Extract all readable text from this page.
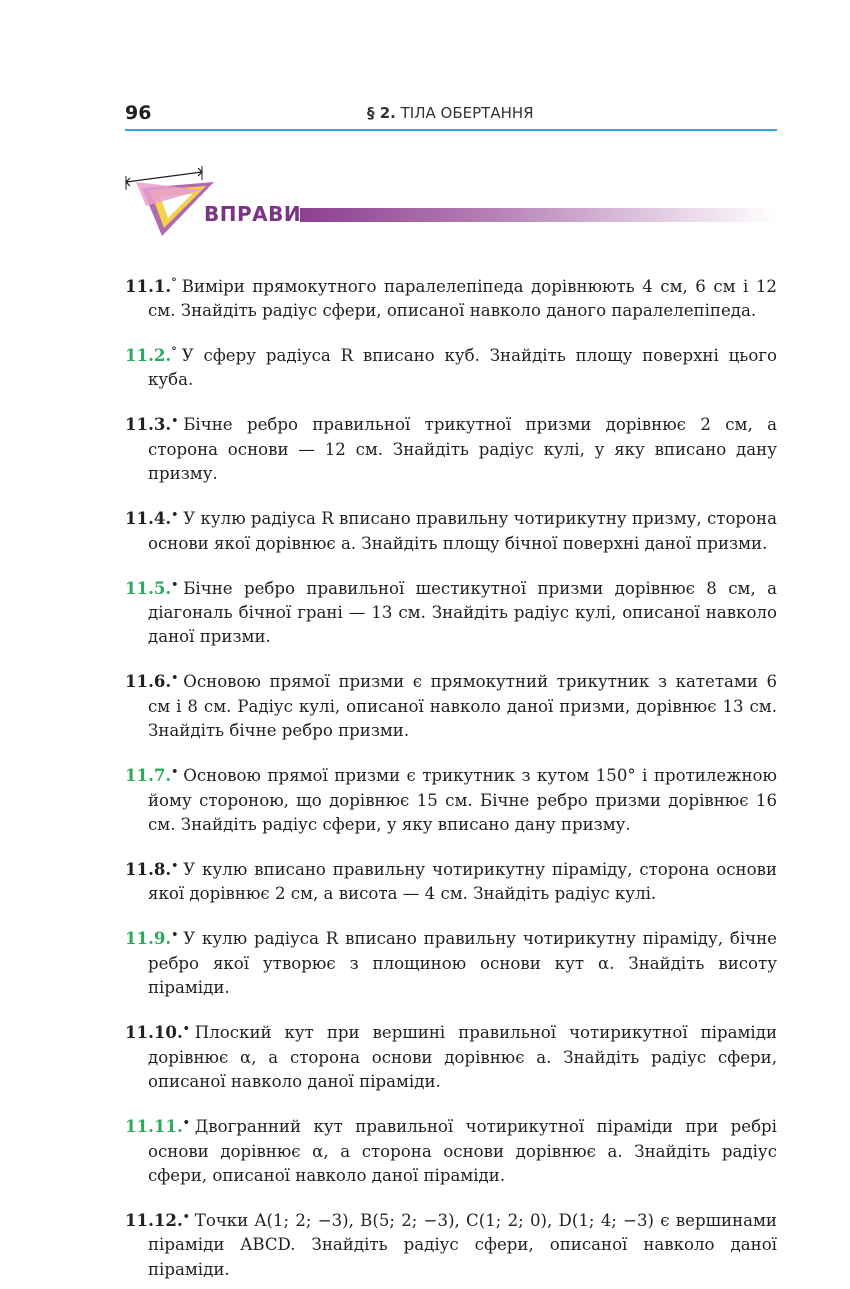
96	§ 2. ТІЛА ОБЕРТАННЯ
ВПРАВИ

11.1.° Виміри прямокутного паралелепіпеда дорівнюють 4 см, 6 см і 12 см. Знайдіть радіус сфери, описаної навколо даного паралелепіпеда.

11.2.° У сферу радіуса R вписано куб. Знайдіть площу поверхні цього куба.

11.3.• Бічне ребро правильної трикутної призми дорівнює 2 см, а сторона основи — 12 см. Знайдіть радіус кулі, у яку вписано дану призму.

11.4.• У кулю радіуса R вписано правильну чотирикутну призму, сторона основи якої дорівнює a. Знайдіть площу бічної поверхні даної призми.

11.5.• Бічне ребро правильної шестикутної призми дорівнює 8 см, а діагональ бічної грані — 13 см. Знайдіть радіус кулі, описаної навколо даної призми.

11.6.• Основою прямої призми є прямокутний трикутник з катетами 6 см і 8 см. Радіус кулі, описаної навколо даної призми, дорівнює 13 см. Знайдіть бічне ребро призми.

11.7.• Основою прямої призми є трикутник з кутом 150° і протилежною йому стороною, що дорівнює 15 см. Бічне ребро призми дорівнює 16 см. Знайдіть радіус сфери, у яку вписано дану призму.

11.8.• У кулю вписано правильну чотирикутну піраміду, сторона основи якої дорівнює 2 см, а висота — 4 см. Знайдіть радіус кулі.

11.9.• У кулю радіуса R вписано правильну чотирикутну піраміду, бічне ребро якої утворює з площиною основи кут α. Знайдіть висоту піраміди.

11.10.• Плоский кут при вершині правильної чотирикутної піраміди дорівнює α, а сторона основи дорівнює a. Знайдіть радіус сфери, описаної навколо даної піраміди.

11.11.• Двогранний кут правильної чотирикутної піраміди при ребрі основи дорівнює α, а сторона основи дорівнює a. Знайдіть радіус сфери, описаної навколо даної піраміди.

11.12.• Точки A(1; 2; −3), B(5; 2; −3), C(1; 2; 0), D(1; 4; −3) є вершинами піраміди ABCD. Знайдіть радіус сфери, описаної навколо даної піраміди.
